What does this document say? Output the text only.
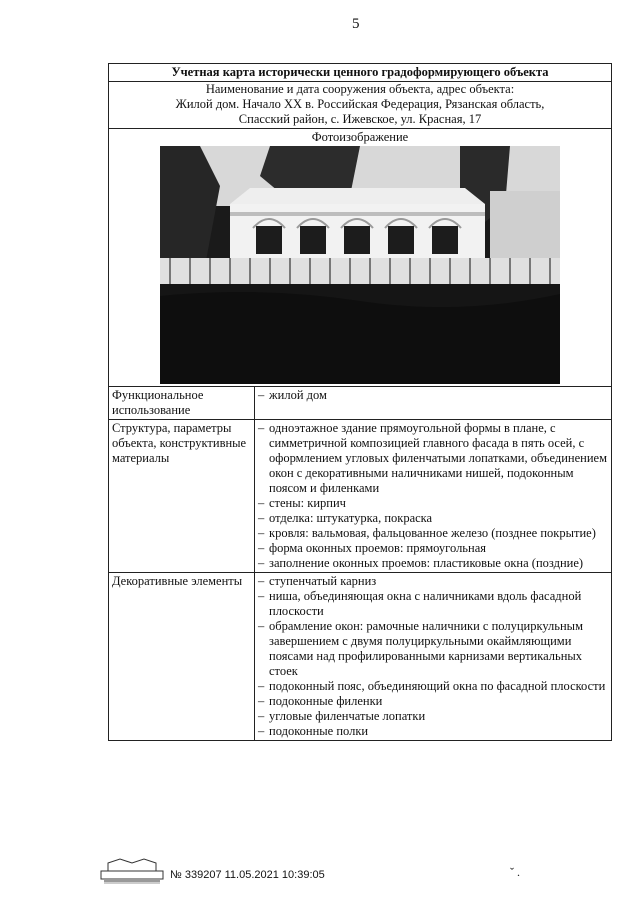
5
Учетная карта исторически ценного градоформирующего объекта
Наименование и дата сооружения объекта, адрес объекта:
Жилой дом. Начало XX в. Российская Федерация, Рязанская область,
Спасский район, с. Ижевское, ул. Красная, 17
Фотоизображение
Функциональное использование
– жилой дом
Структура, параметры объекта, конструктивные материалы
– одноэтажное здание прямоугольной формы в плане, с симметричной композицией главного фасада в пять осей, с оформлением угловых филенчатыми лопатками, объединением окон с декоративными наличниками нишей, подоконным поясом и филенками
– стены: кирпич
– отделка: штукатурка, покраска
– кровля: вальмовая, фальцованное железо (позднее покрытие)
– форма оконных проемов: прямоугольная
– заполнение оконных проемов: пластиковые окна (поздние)
Декоративные элементы
–	ступенчатый карниз
– ниша, объединяющая окна с наличниками вдоль фасадной плоскости
– обрамление окон: рамочные наличники с полуциркульным завершением с двумя полуциркульными окаймляющими поясами над профилированными карнизами вертикальных стоек
– подоконный пояс, объединяющий окна по фасадной плоскости
– подоконные филенки
– угловые филенчатые лопатки
– подоконные полки
№ 339207 11.05.2021 10:39:05	ˇ .
